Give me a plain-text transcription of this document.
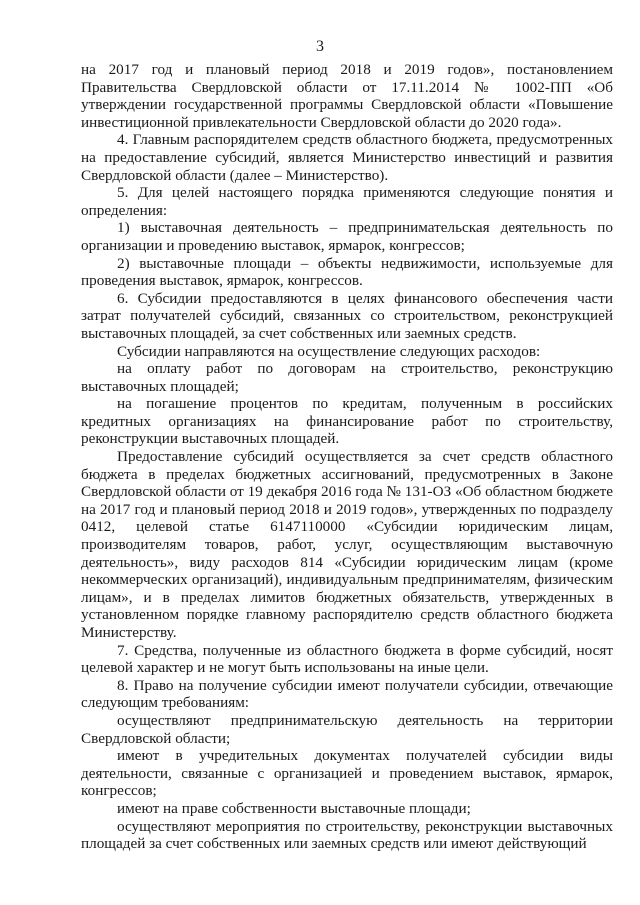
3

на 2017 год и плановый период 2018 и 2019 годов», постановлением Правительства Свердловской области от 17.11.2014 № 1002-ПП «Об утверждении государственной программы Свердловской области «Повышение инвестиционной привлекательности Свердловской области до 2020 года».

4. Главным распорядителем средств областного бюджета, предусмотренных на предоставление субсидий, является Министерство инвестиций и развития Свердловской области (далее – Министерство).

5. Для целей настоящего порядка применяются следующие понятия и определения:

1) выставочная деятельность – предпринимательская деятельность по организации и проведению выставок, ярмарок, конгрессов;

2) выставочные площади – объекты недвижимости, используемые для проведения выставок, ярмарок, конгрессов.

6. Субсидии предоставляются в целях финансового обеспечения части затрат получателей субсидий, связанных со строительством, реконструкцией выставочных площадей, за счет собственных или заемных средств.

Субсидии направляются на осуществление следующих расходов:

на оплату работ по договорам на строительство, реконструкцию выставочных площадей;

на погашение процентов по кредитам, полученным в российских кредитных организациях на финансирование работ по строительству, реконструкции выставочных площадей.

Предоставление субсидий осуществляется за счет средств областного бюджета в пределах бюджетных ассигнований, предусмотренных в Законе Свердловской области от 19 декабря 2016 года № 131-ОЗ «Об областном бюджете на 2017 год и плановый период 2018 и 2019 годов», утвержденных по подразделу 0412, целевой статье 6147110000 «Субсидии юридическим лицам, производителям товаров, работ, услуг, осуществляющим выставочную деятельность», виду расходов 814 «Субсидии юридическим лицам (кроме некоммерческих организаций), индивидуальным предпринимателям, физическим лицам», и в пределах лимитов бюджетных обязательств, утвержденных в установленном порядке главному распорядителю средств областного бюджета Министерству.

7. Средства, полученные из областного бюджета в форме субсидий, носят целевой характер и не могут быть использованы на иные цели.

8. Право на получение субсидии имеют получатели субсидии, отвечающие следующим требованиям:

осуществляют предпринимательскую деятельность на территории Свердловской области;

имеют в учредительных документах получателей субсидии виды деятельности, связанные с организацией и проведением выставок, ярмарок, конгрессов;

имеют на праве собственности выставочные площади;

осуществляют мероприятия по строительству, реконструкции выставочных площадей за счет собственных или заемных средств или имеют действующий
